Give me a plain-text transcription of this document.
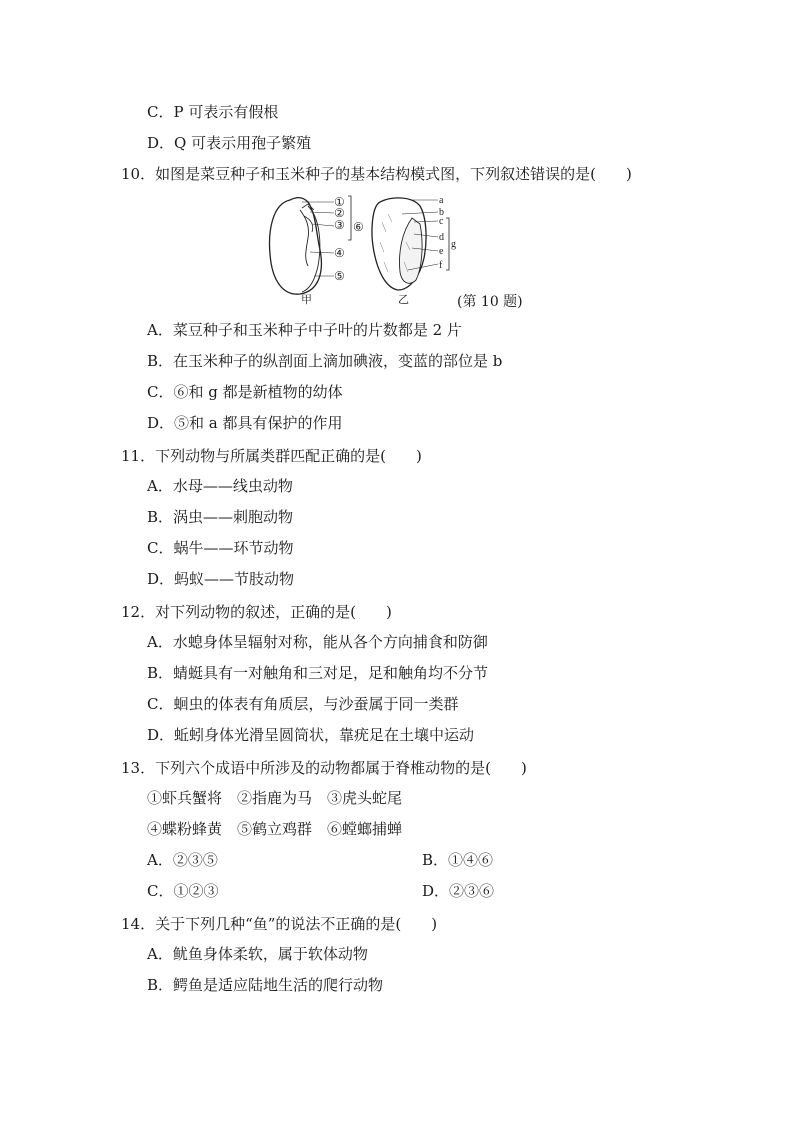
C．P 可表示有假根
D．Q 可表示用孢子繁殖
10．如图是菜豆种子和玉米种子的基本结构模式图，下列叙述错误的是(　　)
①
②
③ ⑥
④
⑤
a
b
c
d
e
f
g
甲	乙	(第 10 题)
A．菜豆种子和玉米种子中子叶的片数都是 2 片
B．在玉米种子的纵剖面上滴加碘液，变蓝的部位是 b
C．⑥和 g 都是新植物的幼体
D．⑤和 a 都具有保护的作用
11．下列动物与所属类群匹配正确的是(　　)
A．水母——线虫动物
B．涡虫——刺胞动物
C．蜗牛——环节动物
D．蚂蚁——节肢动物
12．对下列动物的叙述，正确的是(　　)
A．水螅身体呈辐射对称，能从各个方向捕食和防御
B．蜻蜓具有一对触角和三对足，足和触角均不分节
C．蛔虫的体表有角质层，与沙蚕属于同一类群
D．蚯蚓身体光滑呈圆筒状，靠疣足在土壤中运动
13．下列六个成语中所涉及的动物都属于脊椎动物的是(　　)
①虾兵蟹将　②指鹿为马　③虎头蛇尾
④蝶粉蜂黄　⑤鹤立鸡群　⑥螳螂捕蝉
A．②③⑤	B．①④⑥
C．①②③	D．②③⑥
14．关于下列几种“鱼”的说法不正确的是(　　)
A．鱿鱼身体柔软，属于软体动物
B．鳄鱼是适应陆地生活的爬行动物
